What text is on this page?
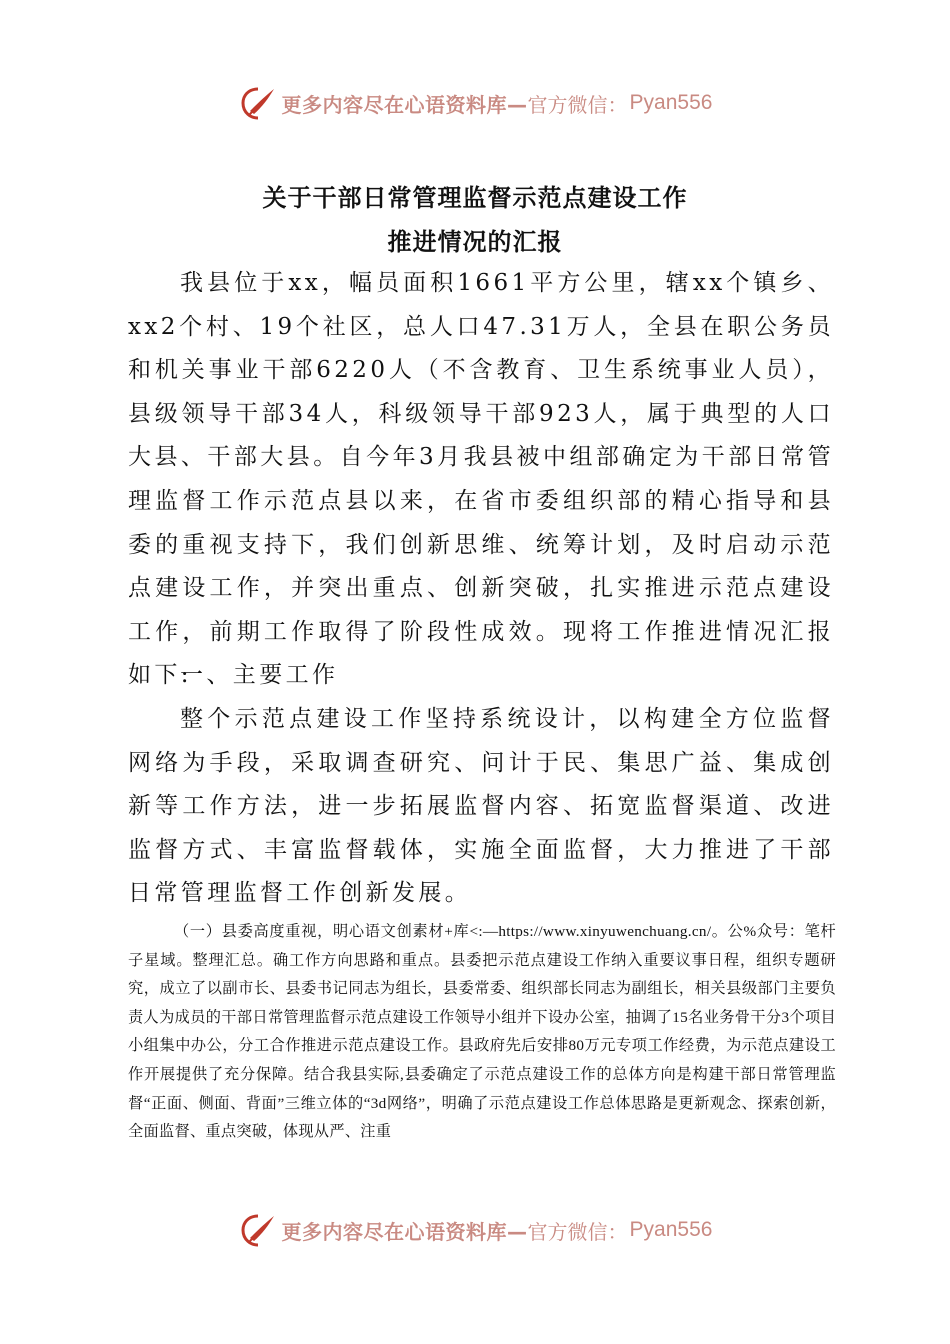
更多内容尽在心语资料库— 官方微信： Pyan556
关于干部日常管理监督示范点建设工作
推进情况的汇报

我县位于xx，幅员面积1661平方公里，辖xx个镇乡、xx2个村、19个社区，总人口47.31万人，全县在职公务员和机关事业干部6220人（不含教育、卫生系统事业人员），县级领导干部34人，科级领导干部923人，属于典型的人口大县、干部大县。自今年3月我县被中组部确定为干部日常管理监督工作示范点县以来，在省市委组织部的精心指导和县委的重视支持下，我们创新思维、统筹计划，及时启动示范点建设工作，并突出重点、创新突破，扎实推进示范点建设工作，前期工作取得了阶段性成效。现将工作推进情况汇报如下:

一、主要工作

整个示范点建设工作坚持系统设计，以构建全方位监督网络为手段，采取调查研究、问计于民、集思广益、集成创新等工作方法，进一步拓展监督内容、拓宽监督渠道、改进监督方式、丰富监督载体，实施全面监督，大力推进了干部日常管理监督工作创新发展。

（一）县委高度重视，明心语文创素材+库<:—https://www.xinyuwenchuang.cn/。公%众号：笔杆子星域。整理汇总。确工作方向思路和重点。县委把示范点建设工作纳入重要议事日程，组织专题研究，成立了以副市长、县委书记同志为组长，县委常委、组织部长同志为副组长，相关县级部门主要负责人为成员的干部日常管理监督示范点建设工作领导小组并下设办公室，抽调了15名业务骨干分3个项目小组集中办公，分工合作推进示范点建设工作。县政府先后安排80万元专项工作经费，为示范点建设工作开展提供了充分保障。结合我县实际,县委确定了示范点建设工作的总体方向是构建干部日常管理监督“正面、侧面、背面”三维立体的“3d网络”，明确了示范点建设工作总体思路是更新观念、探索创新，全面监督、重点突破，体现从严、注重

更多内容尽在心语资料库— 官方微信： Pyan556
